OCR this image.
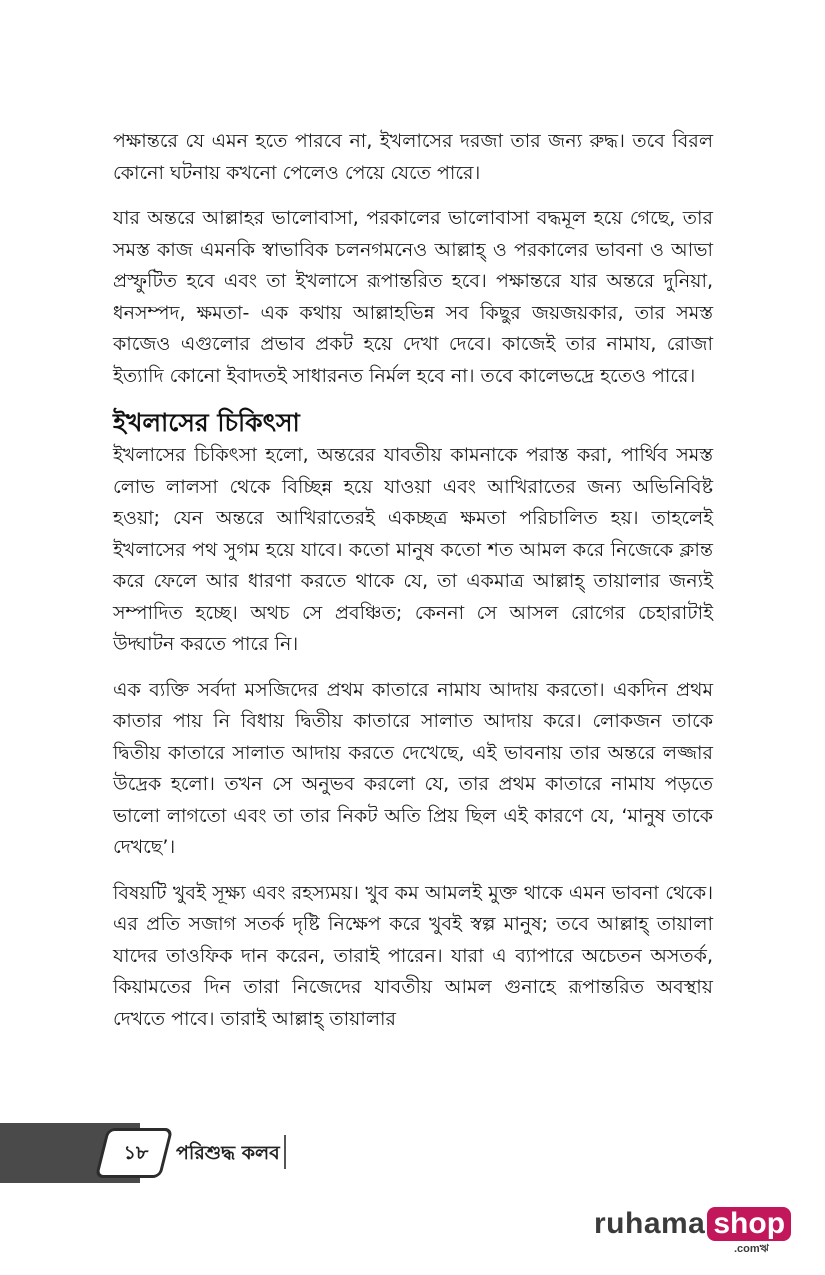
পক্ষান্তরে যে এমন হতে পারবে না, ইখলাসের দরজা তার জন্য রুদ্ধ। তবে বিরল কোনো ঘটনায় কখনো পেলেও পেয়ে যেতে পারে।

যার অন্তরে আল্লাহর ভালোবাসা, পরকালের ভালোবাসা বদ্ধমূল হয়ে গেছে, তার সমস্ত কাজ এমনকি স্বাভাবিক চলনগমনেও আল্লাহ্ ও পরকালের ভাবনা ও আভা প্রস্ফুটিত হবে এবং তা ইখলাসে রূপান্তরিত হবে। পক্ষান্তরে যার অন্তরে দুনিয়া, ধনসম্পদ, ক্ষমতা- এক কথায় আল্লাহভিন্ন সব কিছুর জয়জয়কার, তার সমস্ত কাজেও এগুলোর প্রভাব প্রকট হয়ে দেখা দেবে। কাজেই তার নামায, রোজা ইত্যাদি কোনো ইবাদতই সাধারনত নির্মল হবে না। তবে কালেভদ্রে হতেও পারে।

ইখলাসের চিকিৎসা

ইখলাসের চিকিৎসা হলো, অন্তরের যাবতীয় কামনাকে পরাস্ত করা, পার্থিব সমস্ত লোভ লালসা থেকে বিচ্ছিন্ন হয়ে যাওয়া এবং আখিরাতের জন্য অভিনিবিষ্ট হওয়া; যেন অন্তরে আখিরাতেরই একচ্ছত্র ক্ষমতা পরিচালিত হয়। তাহলেই ইখলাসের পথ সুগম হয়ে যাবে। কতো মানুষ কতো শত আমল করে নিজেকে ক্লান্ত করে ফেলে আর ধারণা করতে থাকে যে, তা একমাত্র আল্লাহ্ তায়ালার জন্যই সম্পাদিত হচ্ছে। অথচ সে প্রবঞ্চিত; কেননা সে আসল রোগের চেহারাটাই উদ্ঘাটন করতে পারে নি।

এক ব্যক্তি সর্বদা মসজিদের প্রথম কাতারে নামায আদায় করতো। একদিন প্রথম কাতার পায় নি বিধায় দ্বিতীয় কাতারে সালাত আদায় করে। লোকজন তাকে দ্বিতীয় কাতারে সালাত আদায় করতে দেখেছে, এই ভাবনায় তার অন্তরে লজ্জার উদ্রেক হলো। তখন সে অনুভব করলো যে, তার প্রথম কাতারে নামায পড়তে ভালো লাগতো এবং তা তার নিকট অতি প্রিয় ছিল এই কারণে যে, ‘মানুষ তাকে দেখছে’।

বিষয়টি খুবই সূক্ষ্য এবং রহস্যময়। খুব কম আমলই মুক্ত থাকে এমন ভাবনা থেকে। এর প্রতি সজাগ সতর্ক দৃষ্টি নিক্ষেপ করে খুবই স্বল্প মানুষ; তবে আল্লাহ্ তায়ালা যাদের তাওফিক দান করেন, তারাই পারেন। যারা এ ব্যাপারে অচেতন অসতর্ক, কিয়ামতের দিন তারা নিজেদের যাবতীয় আমল গুনাহে রূপান্তরিত অবস্থায় দেখতে পাবে। তারাই আল্লাহ্ তায়ালার

১৮	পরিশুদ্ধ কলব
ruhama shop
.comঋ
